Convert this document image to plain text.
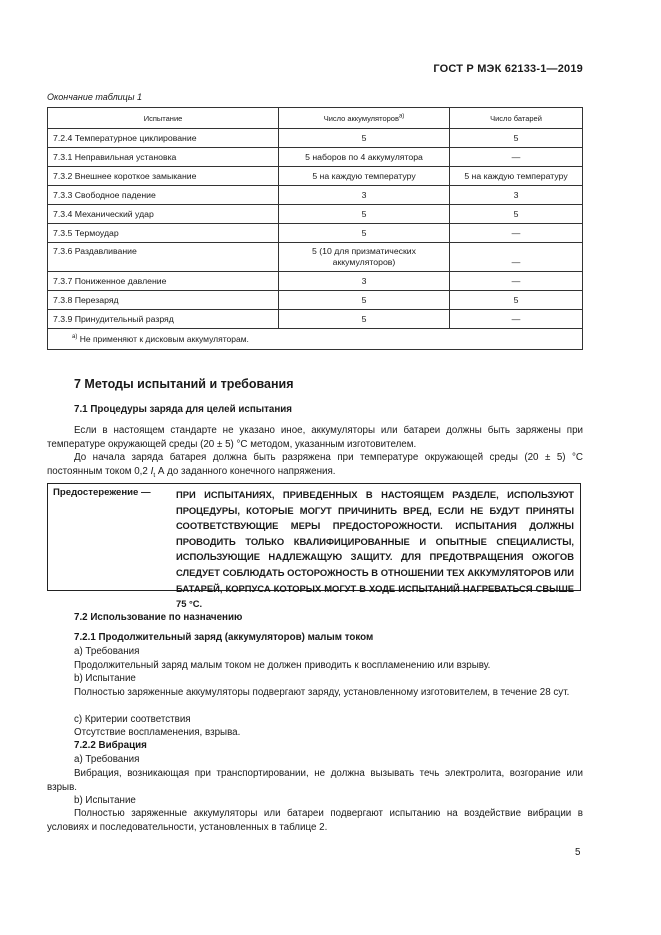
ГОСТ Р МЭК 62133-1—2019
Окончание таблицы 1
Испытание	Число аккумуляторов$^{a)}$	Число батарей
7.2.4 Температурное циклирование	5	5
7.3.1 Неправильная установка	5 наборов по 4 аккумулятора	—
7.3.2 Внешнее короткое замыкание	5 на каждую температуру	5 на каждую температуру
7.3.3 Свободное падение	3	3
7.3.4 Механический удар	5	5
7.3.5 Термоудар	5	—
7.3.6 Раздавливание	5 (10 для призматических аккумуляторов)	—
7.3.7 Пониженное давление	3	—
7.3.8 Перезаряд	5	5
7.3.9 Принудительный разряд	5	—
$^{a)}$ Не применяют к дисковым аккумуляторам.		
7 Методы испытаний и требования
7.1 Процедуры заряда для целей испытания
Если в настоящем стандарте не указано иное, аккумуляторы или батареи должны быть заряжены при температуре окружающей среды (20 ± 5) °С методом, указанным изготовителем.
До начала заряда батарея должна быть разряжена при температуре окружающей среды (20 ± 5) °С постоянным током 0,2 $I_t$ А до заданного конечного напряжения.
Предостережение —	ПРИ ИСПЫТАНИЯХ, ПРИВЕДЕННЫХ В НАСТОЯЩЕМ РАЗДЕЛЕ, ИСПОЛЬЗУЮТ ПРОЦЕДУРЫ, КОТОРЫЕ МОГУТ ПРИЧИНИТЬ ВРЕД, ЕСЛИ НЕ БУДУТ ПРИНЯТЫ СООТВЕТСТВУЮЩИЕ МЕРЫ ПРЕДОСТОРОЖНОСТИ. ИСПЫТАНИЯ ДОЛЖНЫ ПРОВОДИТЬ ТОЛЬКО КВАЛИФИЦИРОВАННЫЕ И ОПЫТНЫЕ СПЕЦИАЛИСТЫ, ИСПОЛЬЗУЮЩИЕ НАДЛЕЖАЩУЮ ЗАЩИТУ. ДЛЯ ПРЕДОТВРАЩЕНИЯ ОЖОГОВ СЛЕДУЕТ СОБЛЮДАТЬ ОСТОРОЖНОСТЬ В ОТНОШЕНИИ ТЕХ АККУМУЛЯТОРОВ ИЛИ БАТАРЕЙ, КОРПУСА КОТОРЫХ МОГУТ В ХОДЕ ИСПЫТАНИЙ НАГРЕВАТЬСЯ СВЫШЕ 75 °С.
7.2 Использование по назначению
7.2.1 Продолжительный заряд (аккумуляторов) малым током
a) Требования
Продолжительный заряд малым током не должен приводить к воспламенению или взрыву.
b) Испытание
Полностью заряженные аккумуляторы подвергают заряду, установленному изготовителем, в течение 28 сут.
c) Критерии соответствия
Отсутствие воспламенения, взрыва.
7.2.2 Вибрация
a) Требования
Вибрация, возникающая при транспортировании, не должна вызывать течь электролита, возгорание или взрыв.
b) Испытание
Полностью заряженные аккумуляторы или батареи подвергают испытанию на воздействие вибрации в условиях и последовательности, установленных в таблице 2.
5
